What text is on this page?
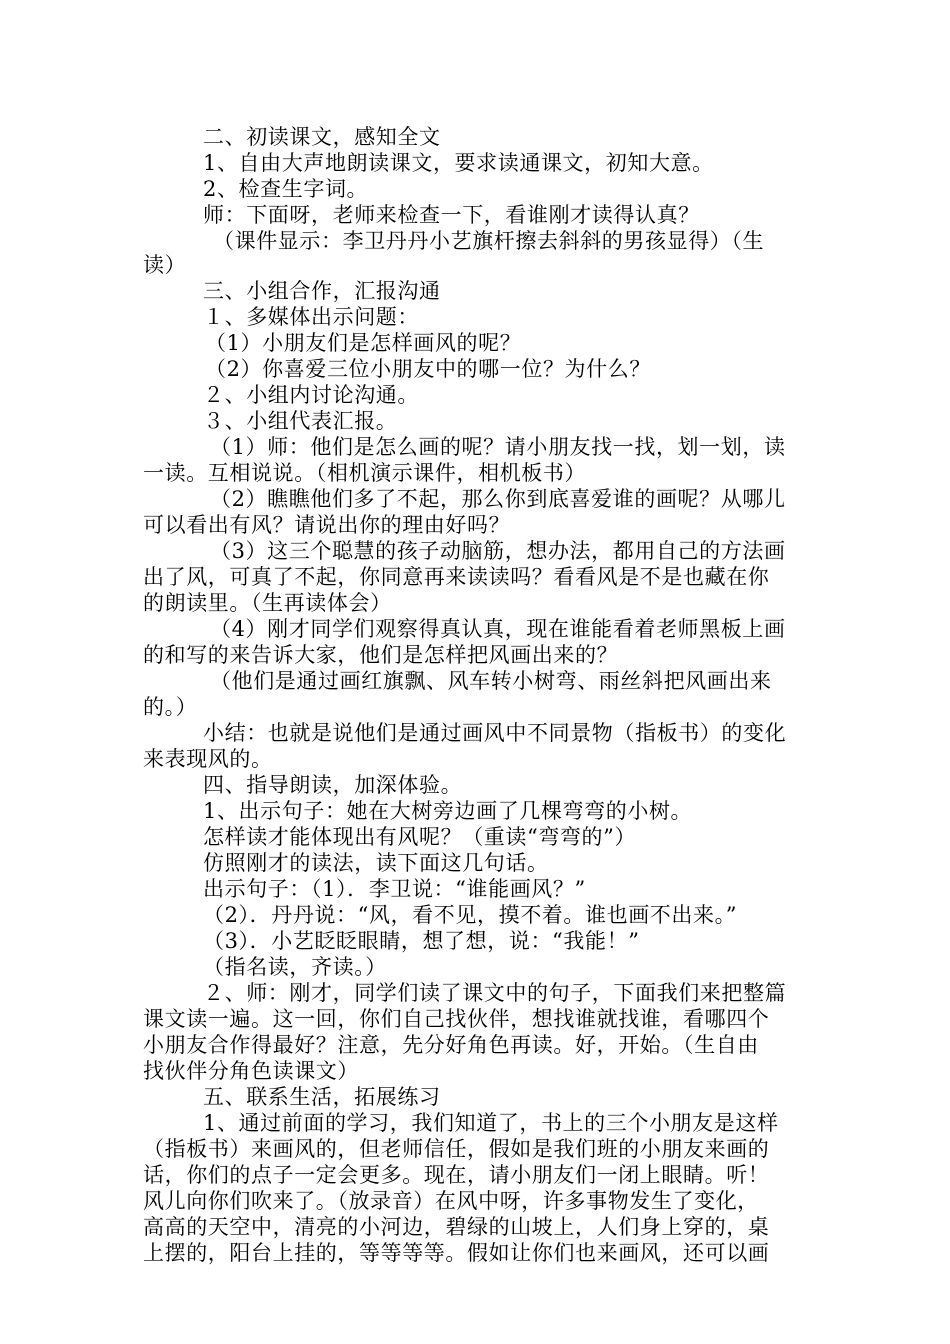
二、初读课文，感知全文
1、自由大声地朗读课文，要求读通课文，初知大意。
2、检查生字词。
师：下面呀，老师来检查一下，看谁刚才读得认真？
（课件显示：李卫丹丹小艺旗杆擦去斜斜的男孩显得）（生
读）
三、小组合作，汇报沟通
１、多媒体出示问题：
（1）小朋友们是怎样画风的呢？
（2）你喜爱三位小朋友中的哪一位？为什么？
２、小组内讨论沟通。
３、小组代表汇报。
（1）师：他们是怎么画的呢？请小朋友找一找，划一划，读
一读。互相说说。（相机演示课件，相机板书）
（2）瞧瞧他们多了不起，那么你到底喜爱谁的画呢？从哪儿
可以看出有风？请说出你的理由好吗？
（3）这三个聪慧的孩子动脑筋，想办法，都用自己的方法画
出了风，可真了不起，你同意再来读读吗？看看风是不是也藏在你
的朗读里。（生再读体会）
（4）刚才同学们观察得真认真，现在谁能看着老师黑板上画
的和写的来告诉大家，他们是怎样把风画出来的？
（他们是通过画红旗飘、风车转小树弯、雨丝斜把风画出来
的。）
小结：也就是说他们是通过画风中不同景物（指板书）的变化
来表现风的。
四、指导朗读，加深体验。
1、出示句子：她在大树旁边画了几棵弯弯的小树。
怎样读才能体现出有风呢？（重读“弯弯的”）
仿照刚才的读法，读下面这几句话。
出示句子：（1）．李卫说：“谁能画风？”
（2）．丹丹说：“风，看不见，摸不着。谁也画不出来。”
（3）．小艺眨眨眼睛，想了想，说：“我能！”
（指名读，齐读。）
２、师：刚才，同学们读了课文中的句子，下面我们来把整篇
课文读一遍。这一回，你们自己找伙伴，想找谁就找谁，看哪四个
小朋友合作得最好？注意，先分好角色再读。好，开始。（生自由
找伙伴分角色读课文）
五、联系生活，拓展练习
1、通过前面的学习，我们知道了，书上的三个小朋友是这样
（指板书）来画风的，但老师信任，假如是我们班的小朋友来画的
话，你们的点子一定会更多。现在，请小朋友们一闭上眼睛。听！
风儿向你们吹来了。（放录音）在风中呀，许多事物发生了变化，
高高的天空中，清亮的小河边，碧绿的山坡上，人们身上穿的，桌
上摆的，阳台上挂的，等等等等。假如让你们也来画风，还可以画
